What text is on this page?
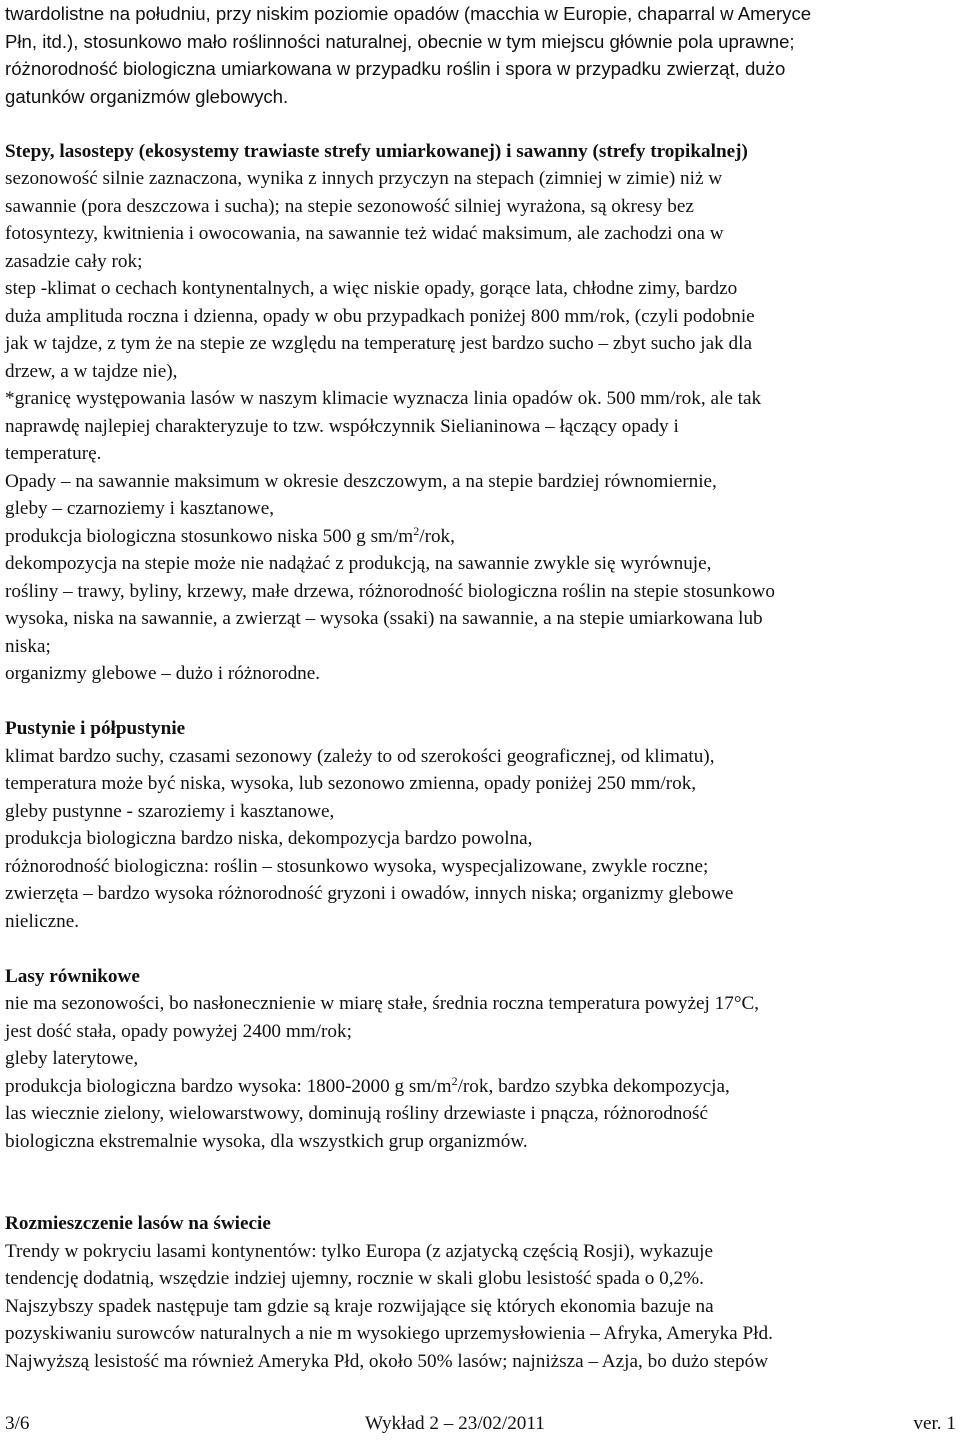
twardolistne na południu, przy niskim poziomie opadów (macchia w Europie, chaparral w Ameryce
Płn, itd.), stosunkowo mało roślinności naturalnej, obecnie w tym miejscu głównie pola uprawne;
różnorodność biologiczna umiarkowana w przypadku roślin i spora w przypadku zwierząt, dużo
gatunków organizmów glebowych.
Stepy, lasostepy (ekosystemy trawiaste strefy umiarkowanej) i sawanny (strefy tropikalnej)
sezonowość silnie zaznaczona, wynika z innych przyczyn na stepach (zimniej w zimie) niż w
sawannie (pora deszczowa i sucha); na stepie sezonowość silniej wyrażona, są okresy bez
fotosyntezy, kwitnienia i owocowania, na sawannie też widać maksimum, ale zachodzi ona w
zasadzie cały rok;
step -klimat o cechach kontynentalnych, a więc niskie opady, gorące lata, chłodne zimy, bardzo
duża amplituda roczna i dzienna, opady w obu przypadkach poniżej 800 mm/rok, (czyli podobnie
jak w tajdze, z tym że na stepie ze względu na temperaturę jest bardzo sucho – zbyt sucho jak dla
drzew, a w tajdze nie),
*granicę występowania lasów w naszym klimacie wyznacza linia opadów ok. 500 mm/rok, ale tak
naprawdę najlepiej charakteryzuje to tzw. współczynnik Sielianinowa – łączący opady i
temperaturę.
Opady – na sawannie maksimum w okresie deszczowym, a na stepie bardziej równomiernie,
gleby – czarnoziemy i kasztanowe,
produkcja biologiczna stosunkowo niska 500 g $sm/m^2$/rok,
dekompozycja na stepie może nie nadążać z produkcją, na sawannie zwykle się wyrównuje,
rośliny – trawy, byliny, krzewy, małe drzewa, różnorodność biologiczna roślin na stepie stosunkowo
wysoka, niska na sawannie, a zwierząt – wysoka (ssaki) na sawannie, a na stepie umiarkowana lub
niska;
organizmy glebowe – dużo i różnorodne.
Pustynie i półpustynie
klimat bardzo suchy, czasami sezonowy (zależy to od szerokości geograficznej, od klimatu),
temperatura może być niska, wysoka, lub sezonowo zmienna, opady poniżej 250 mm/rok,
gleby pustynne - szaroziemy i kasztanowe,
produkcja biologiczna bardzo niska, dekompozycja bardzo powolna,
różnorodność biologiczna: roślin – stosunkowo wysoka, wyspecjalizowane, zwykle roczne;
zwierzęta – bardzo wysoka różnorodność gryzoni i owadów, innych niska; organizmy glebowe
nieliczne.
Lasy równikowe
nie ma sezonowości, bo nasłonecznienie w miarę stałe, średnia roczna temperatura powyżej 17°C,
jest dość stała, opady powyżej 2400 mm/rok;
gleby laterytowe,
produkcja biologiczna bardzo wysoka: 1800-2000 g $sm/m^2$/rok, bardzo szybka dekompozycja,
las wiecznie zielony, wielowarstwowy, dominują rośliny drzewiaste i pnącza, różnorodność
biologiczna ekstremalnie wysoka, dla wszystkich grup organizmów.
Rozmieszczenie lasów na świecie
Trendy w pokryciu lasami kontynentów: tylko Europa (z azjatycką częścią Rosji), wykazuje
tendencję dodatnią, wszędzie indziej ujemny, rocznie w skali globu lesistość spada o 0,2%.
Najszybszy spadek następuje tam gdzie są kraje rozwijające się których ekonomia bazuje na
pozyskiwaniu surowców naturalnych a nie m wysokiego uprzemysłowienia – Afryka, Ameryka Płd.
Najwyższą lesistość ma również Ameryka Płd, około 50% lasów; najniższa – Azja, bo dużo stepów
3/6	Wykład 2 – 23/02/2011	ver. 1
